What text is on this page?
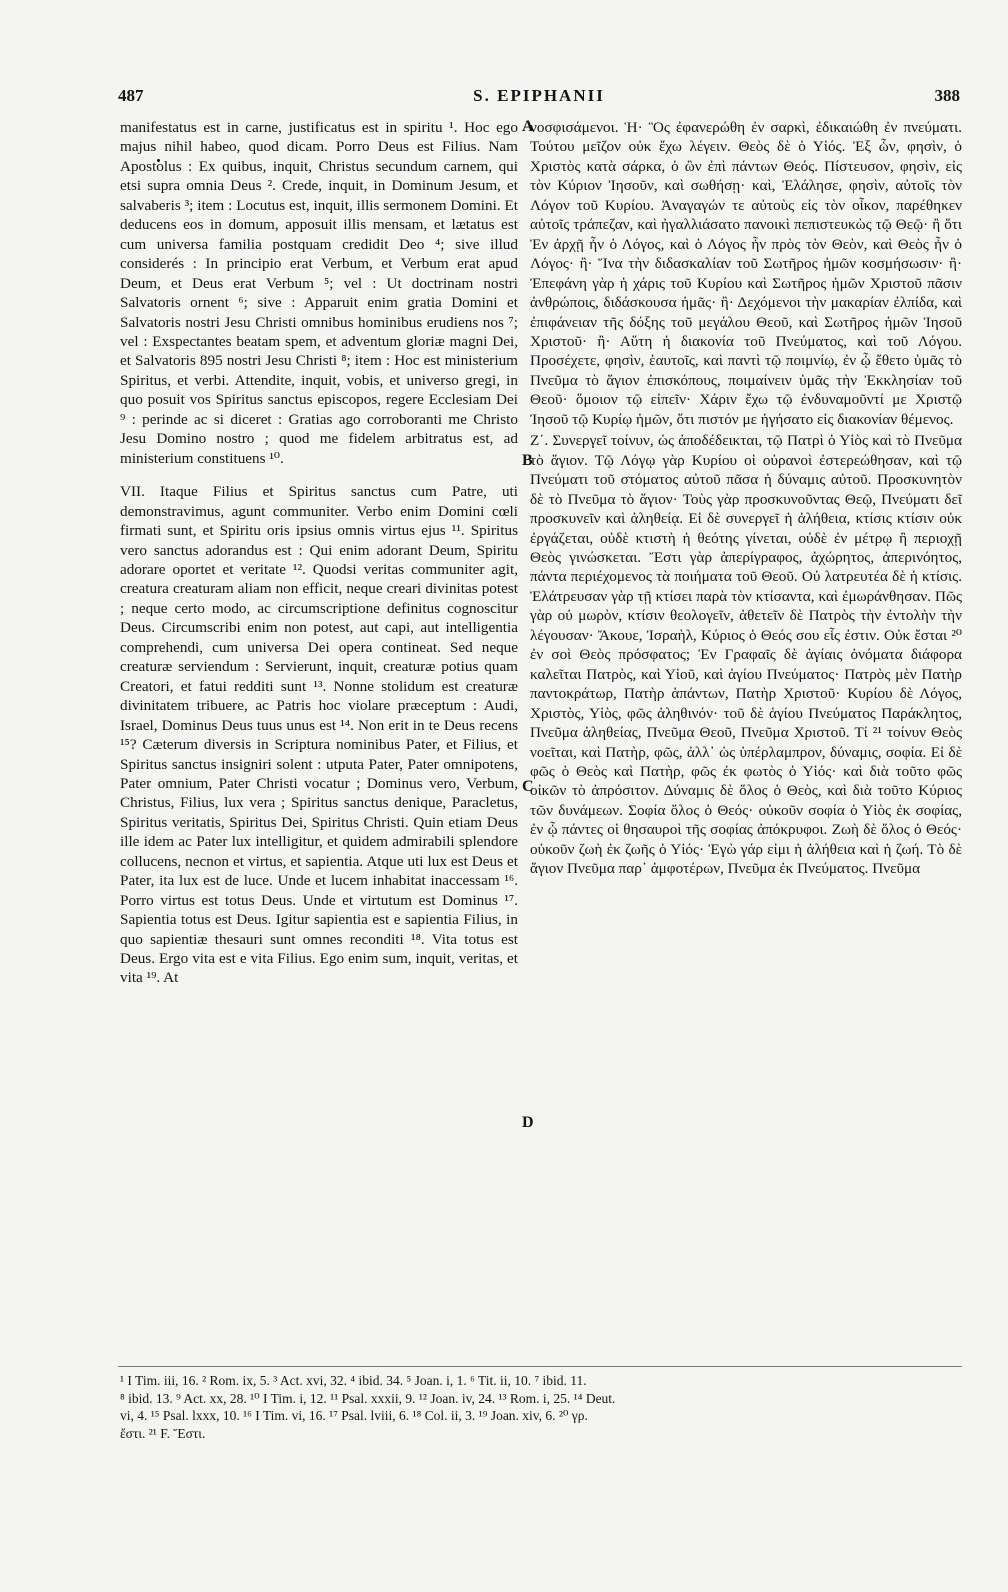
487	S. EPIPHANII	388

manifestatus est in carne, justificatus est in spiritu ¹. Hoc ego majus nihil habeo, quod dicam. Porro Deus est Filius. Nam Apostolus : Ex quibus, inquit, Christus secundum carnem, qui etsi supra omnia Deus ². Crede, inquit, in Dominum Jesum, et salvaberis ³; item : Locutus est, inquit, illis sermonem Domini. Et deducens eos in domum, apposuit illis mensam, et lætatus est cum universa familia postquam credidit Deo ⁴; sive illud considerés : In principio erat Verbum, et Verbum erat apud Deum, et Deus erat Verbum ⁵; vel : Ut doctrinam nostri Salvatoris ornent ⁶; sive : Apparuit enim gratia Domini et Salvatoris nostri Jesu Christi omnibus hominibus erudiens nos ⁷; vel : Exspectantes beatam spem, et adventum gloriæ magni Dei, et Salvatoris 895 nostri Jesu Christi ⁸; item : Hoc est ministerium Spiritus, et verbi. Attendite, inquit, vobis, et universo gregi, in quo posuit vos Spiritus sanctus episcopos, regere Ecclesiam Dei ⁹ : perinde ac si diceret : Gratias ago corroboranti me Christo Jesu Domino nostro ; quod me fidelem arbitratus est, ad ministerium constituens ¹⁰.

VII. Itaque Filius et Spiritus sanctus cum Patre, uti demonstravimus, agunt communiter. Verbo enim Domini cœli firmati sunt, et Spiritu oris ipsius omnis virtus ejus ¹¹. Spiritus vero sanctus adorandus est : Qui enim adorant Deum, Spiritu adorare oportet et veritate ¹². Quodsi veritas communiter agit, creatura creaturam aliam non efficit, neque creari divinitas potest ; neque certo modo, ac circumscriptione definitus cognoscitur Deus. Circumscribi enim non potest, aut capi, aut intelligentia comprehendi, cum universa Dei opera contineat. Sed neque creaturæ serviendum : Servierunt, inquit, creaturæ potius quam Creatori, et fatui redditi sunt ¹³. Nonne stolidum est creaturæ divinitatem tribuere, ac Patris hoc violare præceptum : Audi, Israel, Dominus Deus tuus unus est ¹⁴. Non erit in te Deus recens ¹⁵? Cæterum diversis in Scriptura nominibus Pater, et Filius, et Spiritus sanctus insigniri solent : utputa Pater, Pater omnipotens, Pater omnium, Pater Christi vocatur ; Dominus vero, Verbum, Christus, Filius, lux vera ; Spiritus sanctus denique, Paracletus, Spiritus veritatis, Spiritus Dei, Spiritus Christi. Quin etiam Deus ille idem ac Pater lux intelligitur, et quidem admirabili splendore collucens, necnon et virtus, et sapientia. Atque uti lux est Deus et Pater, ita lux est de luce. Unde et lucem inhabitat inaccessam ¹⁶. Porro virtus est totus Deus. Unde et virtutum est Dominus ¹⁷. Sapientia totus est Deus. Igitur sapientia est e sapientia Filius, in quo sapientiæ thesauri sunt omnes reconditi ¹⁸. Vita totus est Deus. Ergo vita est e vita Filius. Ego enim sum, inquit, veritas, et vita ¹⁹. At

A
B
C
D

νοσφισάμενοι. Ἡ· Ὃς ἐφανερώθη ἐν σαρκὶ, ἐδικαιώθη ἐν πνεύματι. Τούτου μεῖζον οὐκ ἔχω λέγειν. Θεὸς δὲ ὁ Υἱός. Ἐξ ὧν, φησὶν, ὁ Χριστὸς κατὰ σάρκα, ὁ ὢν ἐπὶ πάντων Θεός. Πίστευσον, φησὶν, εἰς τὸν Κύριον Ἰησοῦν, καὶ σωθήσῃ· καὶ, Ἐλάλησε, φησὶν, αὐτοῖς τὸν Λόγον τοῦ Κυρίου. Ἀναγαγών τε αὐτοὺς εἰς τὸν οἶκον, παρέθηκεν αὐτοῖς τράπεζαν, καὶ ἠγαλλιάσατο πανοικὶ πεπιστευκὼς τῷ Θεῷ· ἢ ὅτι Ἐν ἀρχῇ ἦν ὁ Λόγος, καὶ ὁ Λόγος ἦν πρὸς τὸν Θεὸν, καὶ Θεὸς ἦν ὁ Λόγος· ἢ· Ἵνα τὴν διδασκαλίαν τοῦ Σωτῆρος ἡμῶν κοσμήσωσιν· ἢ· Ἐπεφάνη γὰρ ἡ χάρις τοῦ Κυρίου καὶ Σωτῆρος ἡμῶν Χριστοῦ πᾶσιν ἀνθρώποις, διδάσκουσα ἡμᾶς· ἢ· Δεχόμενοι τὴν μακαρίαν ἐλπίδα, καὶ ἐπιφάνειαν τῆς δόξης τοῦ μεγάλου Θεοῦ, καὶ Σωτῆρος ἡμῶν Ἰησοῦ Χριστοῦ· ἢ· Αὕτη ἡ διακονία τοῦ Πνεύματος, καὶ τοῦ Λόγου. Προσέχετε, φησὶν, ἑαυτοῖς, καὶ παντὶ τῷ ποιμνίῳ, ἐν ᾧ ἔθετο ὑμᾶς τὸ Πνεῦμα τὸ ἅγιον ἐπισκόπους, ποιμαίνειν ὑμᾶς τὴν Ἐκκλησίαν τοῦ Θεοῦ· ὅμοιον τῷ εἰπεῖν· Χάριν ἔχω τῷ ἐνδυναμοῦντί με Χριστῷ Ἰησοῦ τῷ Κυρίῳ ἡμῶν, ὅτι πιστόν με ἡγήσατο εἰς διακονίαν θέμενος.

Ζ΄. Συνεργεῖ τοίνυν, ὡς ἀποδέδεικται, τῷ Πατρὶ ὁ Υἱὸς καὶ τὸ Πνεῦμα τὸ ἅγιον. Τῷ Λόγῳ γὰρ Κυρίου οἱ οὐρανοὶ ἐστερεώθησαν, καὶ τῷ Πνεύματι τοῦ στόματος αὐτοῦ πᾶσα ἡ δύναμις αὐτοῦ. Προσκυνητὸν δὲ τὸ Πνεῦμα τὸ ἅγιον· Τοὺς γὰρ προσκυνοῦντας Θεῷ, Πνεύματι δεῖ προσκυνεῖν καὶ ἀληθείᾳ. Εἰ δὲ συνεργεῖ ἡ ἀλήθεια, κτίσις κτίσιν οὐκ ἐργάζεται, οὐδὲ κτιστὴ ἡ θεότης γίνεται, οὐδὲ ἐν μέτρῳ ἢ περιοχῇ Θεὸς γινώσκεται. Ἔστι γὰρ ἀπερίγραφος, ἀχώρητος, ἀπερινόητος, πάντα περιέχομενος τὰ ποιήματα τοῦ Θεοῦ. Οὐ λατρευτέα δὲ ἡ κτίσις. Ἐλάτρευσαν γὰρ τῇ κτίσει παρὰ τὸν κτίσαντα, καὶ ἐμωράνθησαν. Πῶς γὰρ οὐ μωρὸν, κτίσιν θεολογεῖν, ἀθετεῖν δὲ Πατρὸς τὴν ἐντολὴν τὴν λέγουσαν· Ἄκουε, Ἰσραὴλ, Κύριος ὁ Θεός σου εἷς ἐστιν. Οὐκ ἔσται ²⁰ ἐν σοὶ Θεὸς πρόσφατος; Ἐν Γραφαῖς δὲ ἁγίαις ὀνόματα διάφορα καλεῖται Πατρὸς, καὶ Υἱοῦ, καὶ ἁγίου Πνεύματος· Πατρὸς μὲν Πατὴρ παντοκράτωρ, Πατὴρ ἁπάντων, Πατὴρ Χριστοῦ· Κυρίου δὲ Λόγος, Χριστὸς, Υἱὸς, φῶς ἀληθινόν· τοῦ δὲ ἁγίου Πνεύματος Παράκλητος, Πνεῦμα ἀληθείας, Πνεῦμα Θεοῦ, Πνεῦμα Χριστοῦ. Τί ²¹ τοίνυν Θεὸς νοεῖται, καὶ Πατὴρ, φῶς, ἀλλ᾽ ὡς ὑπέρλαμπρον, δύναμις, σοφία. Εἰ δὲ φῶς ὁ Θεὸς καὶ Πατὴρ, φῶς ἐκ φωτὸς ὁ Υἱός· καὶ διὰ τοῦτο φῶς οἰκῶν τὸ ἀπρόσιτον. Δύναμις δὲ ὅλος ὁ Θεὸς, καὶ διὰ τοῦτο Κύριος τῶν δυνάμεων. Σοφία ὅλος ὁ Θεός· οὐκοῦν σοφία ὁ Υἱὸς ἐκ σοφίας, ἐν ᾧ πάντες οἱ θησαυροὶ τῆς σοφίας ἀπόκρυφοι. Ζωὴ δὲ ὅλος ὁ Θεός· οὐκοῦν ζωὴ ἐκ ζωῆς ὁ Υἱός· Ἐγὼ γάρ εἰμι ἡ ἀλήθεια καὶ ἡ ζωή. Τὸ δὲ ἅγιον Πνεῦμα παρ᾽ ἀμφοτέρων, Πνεῦμα ἐκ Πνεύματος. Πνεῦμα

¹ I Tim. iii, 16. ² Rom. ix, 5. ³ Act. xvi, 32. ⁴ ibid. 34. ⁵ Joan. i, 1. ⁶ Tit. ii, 10. ⁷ ibid. 11.

⁸ ibid. 13. ⁹ Act. xx, 28. ¹⁰ I Tim. i, 12. ¹¹ Psal. xxxii, 9. ¹² Joan. iv, 24. ¹³ Rom. i, 25. ¹⁴ Deut.

vi, 4. ¹⁵ Psal. lxxx, 10. ¹⁶ I Tim. vi, 16. ¹⁷ Psal. lviii, 6. ¹⁸ Col. ii, 3. ¹⁹ Joan. xiv, 6. ²⁰ γρ.

ἔστι. ²¹ F. Ἔστι.
